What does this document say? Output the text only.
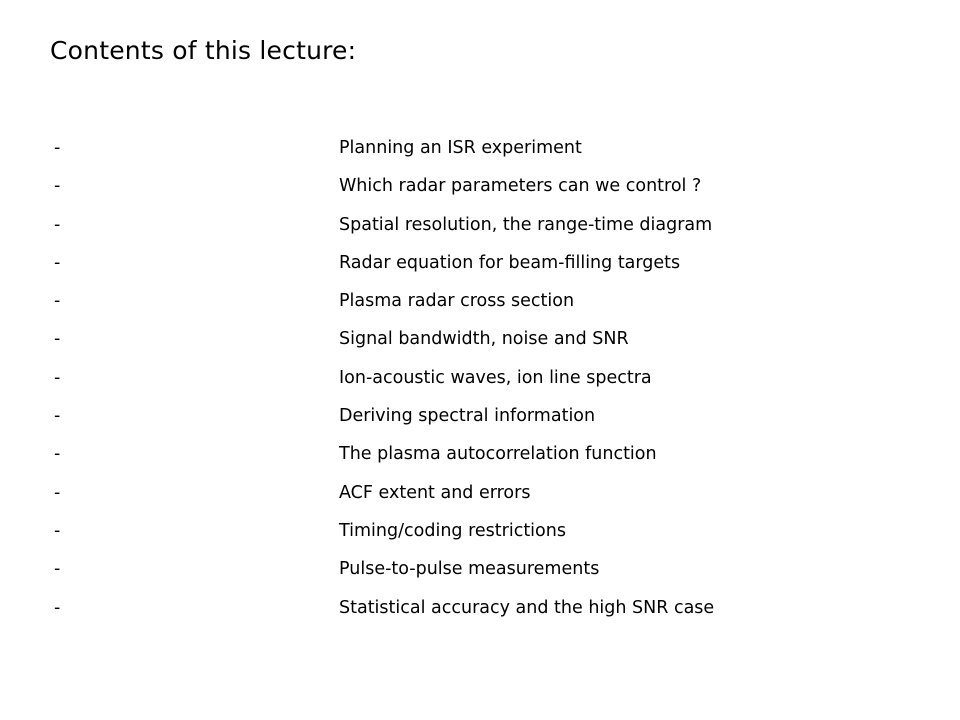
Contents of this lecture:
-	Planning an ISR experiment
-	Which radar parameters can we control ?
-	Spatial resolution, the range-time diagram
-	Radar equation for beam-filling targets
-	Plasma radar cross section
-	Signal bandwidth, noise and SNR
-	Ion-acoustic waves, ion line spectra
-	Deriving spectral information
-	The plasma autocorrelation function
-	ACF extent and errors
-	Timing/coding restrictions
-	Pulse-to-pulse measurements
-	Statistical accuracy and the high SNR case
